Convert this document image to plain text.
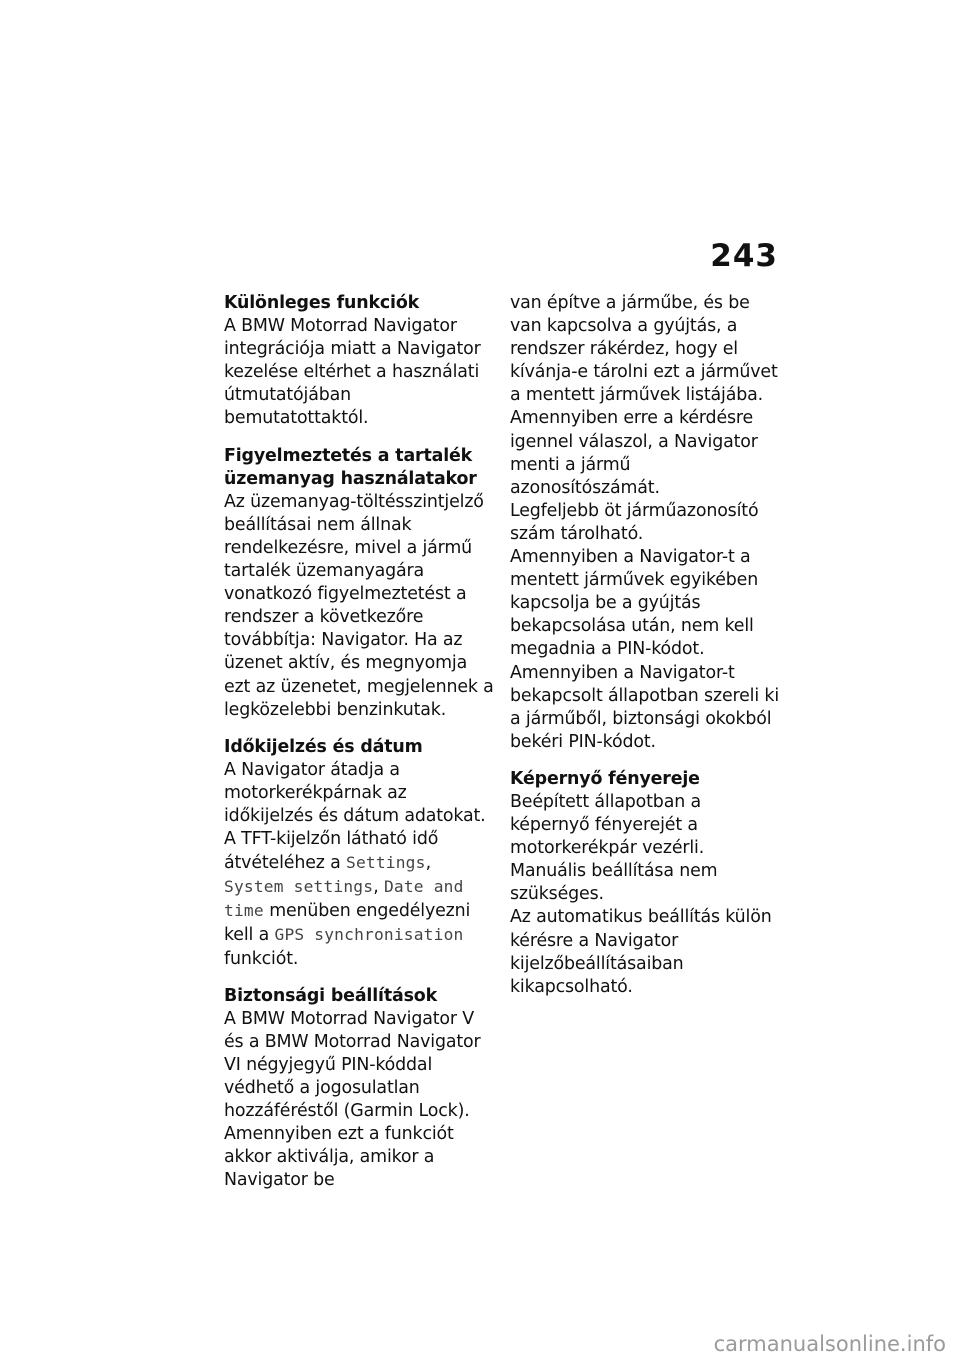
243
Különleges funkciók

A BMW Motorrad Navigator integrációja miatt a Navigator kezelése eltérhet a használati útmutatójában bemutatottaktól.

Figyelmeztetés a tartalék üzemanyag használatakor

Az üzemanyag-töltésszintjelző beállításai nem állnak rendelkezésre, mivel a jármű tartalék üzemanyagára vonatkozó figyelmeztetést a rendszer a következőre továbbítja: Navigator. Ha az üzenet aktív, és megnyomja ezt az üzenetet, megjelennek a legközelebbi benzinkutak.

Időkijelzés és dátum

A Navigator átadja a motorkerékpárnak az időkijelzés és dátum adatokat. A TFT-kijelzőn látható idő átvételéhez a Settings, System settings, Date and time menüben engedélyezni kell a GPS synchronisation funkciót.

Biztonsági beállítások

A BMW Motorrad Navigator V és a BMW Motorrad Navigator VI négyjegyű PIN-kóddal védhető a jogosulatlan hozzáféréstől (Garmin Lock). Amennyiben ezt a funkciót akkor aktiválja, amikor a Navigator be

van építve a járműbe, és be van kapcsolva a gyújtás, a rendszer rákérdez, hogy el kívánja-e tárolni ezt a járművet a mentett járművek listájába. Amennyiben erre a kérdésre igennel válaszol, a Navigator menti a jármű azonosítószámát.

Legfeljebb öt járműazonosító szám tárolható.

Amennyiben a Navigator-t a mentett járművek egyikében kapcsolja be a gyújtás bekapcsolása után, nem kell megadnia a PIN-kódot.

Amennyiben a Navigator-t bekapcsolt állapotban szereli ki a járműből, biztonsági okokból bekéri PIN-kódot.

Képernyő fényereje

Beépített állapotban a képernyő fényerejét a motorkerékpár vezérli. Manuális beállítása nem szükséges.

Az automatikus beállítás külön kérésre a Navigator kijelzőbeállításaiban kikapcsolható.

carmanualsonline.info
